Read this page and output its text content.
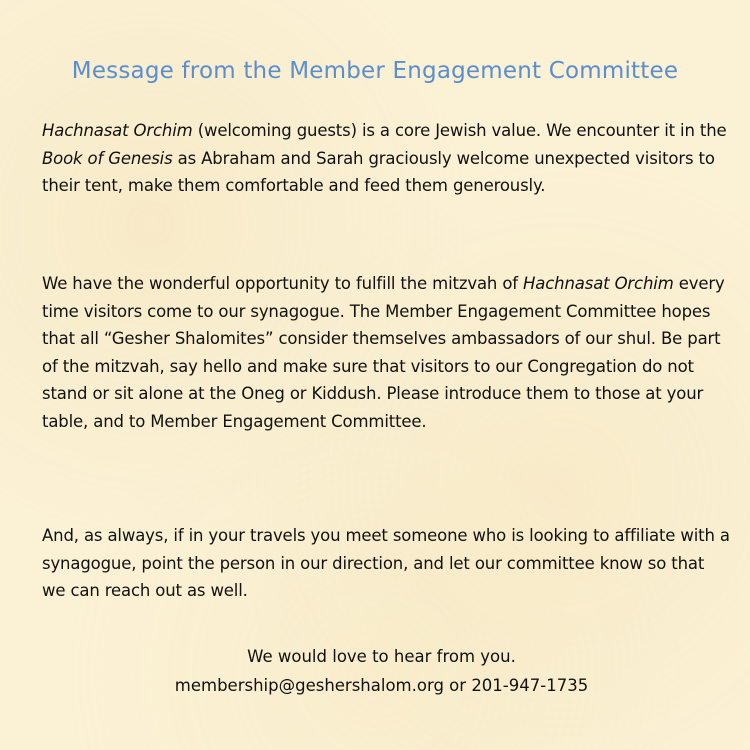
Message from the Member Engagement Committee

Hachnasat Orchim (welcoming guests) is a core Jewish value. We encounter it in the Book of Genesis as Abraham and Sarah graciously welcome unexpected visitors to their tent, make them comfortable and feed them generously.

We have the wonderful opportunity to fulfill the mitzvah of Hachnasat Orchim every time visitors come to our synagogue. The Member Engagement Committee hopes that all “Gesher Shalomites” consider themselves ambassadors of our shul. Be part of the mitzvah, say hello and make sure that visitors to our Congregation do not stand or sit alone at the Oneg or Kiddush. Please introduce them to those at your table, and to Member Engagement Committee.

And, as always, if in your travels you meet someone who is looking to affiliate with a synagogue, point the person in our direction, and let our committee know so that we can reach out as well.

We would love to hear from you.
membership@geshershalom.org or 201-947-1735
